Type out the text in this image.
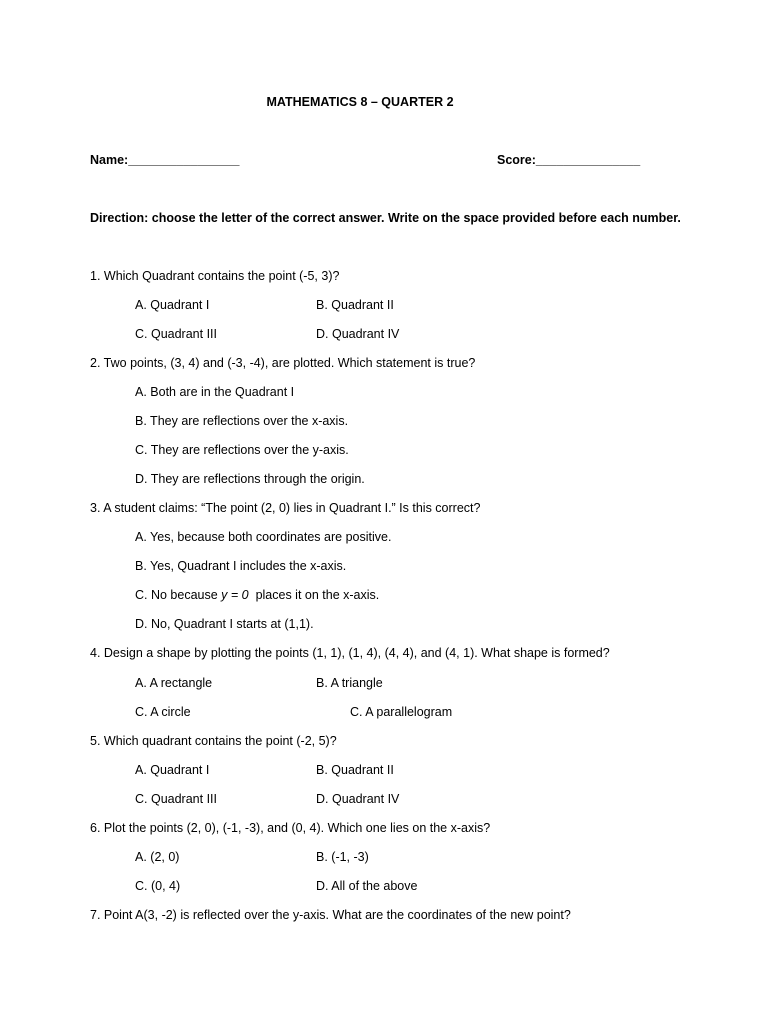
MATHEMATICS 8 – QUARTER 2
Name:________________	Score:_______________
Direction: choose the letter of the correct answer. Write on the space provided before each number.
1. Which Quadrant contains the point (-5, 3)?
A. Quadrant I	B. Quadrant II
C. Quadrant III	D. Quadrant IV
2. Two points, (3, 4) and (-3, -4), are plotted. Which statement is true?
A. Both are in the Quadrant I
B. They are reflections over the x-axis.
C. They are reflections over the y-axis.
D. They are reflections through the origin.
3. A student claims: “The point (2, 0) lies in Quadrant I.” Is this correct?
A. Yes, because both coordinates are positive.
B. Yes, Quadrant I includes the x-axis.
C. No because y = 0  places it on the x-axis.
D. No, Quadrant I starts at (1,1).
4. Design a shape by plotting the points (1, 1), (1, 4), (4, 4), and (4, 1). What shape is formed?
A. A rectangle	B. A triangle
C. A circle	C. A parallelogram
5. Which quadrant contains the point (-2, 5)?
A. Quadrant I	B. Quadrant II
C. Quadrant III	D. Quadrant IV
6. Plot the points (2, 0), (-1, -3), and (0, 4). Which one lies on the x-axis?
A. (2, 0)	B. (-1, -3)
C. (0, 4)	D. All of the above
7. Point A(3, -2) is reflected over the y-axis. What are the coordinates of the new point?
